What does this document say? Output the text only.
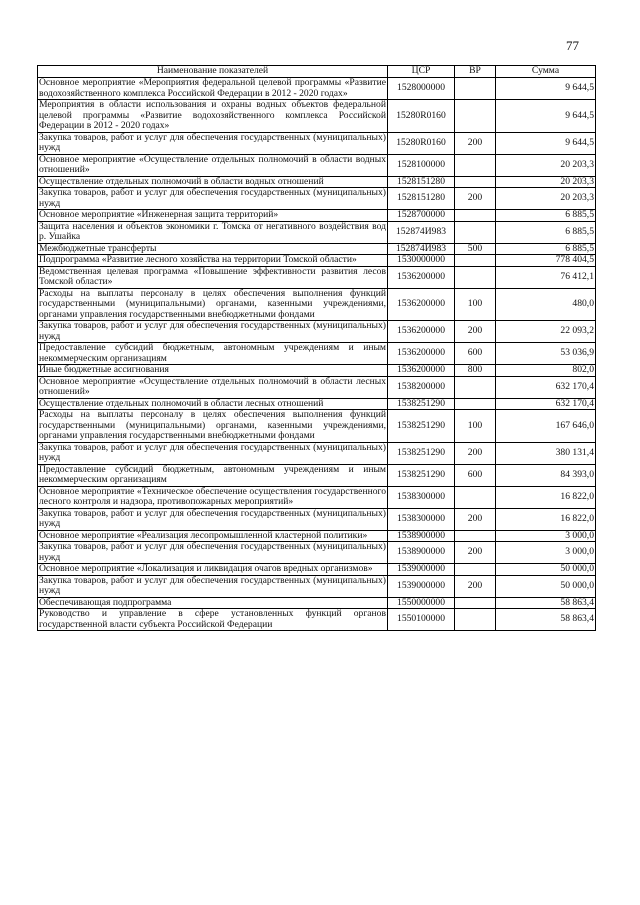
77
Наименование показателей	ЦСР	ВР	Сумма
Основное мероприятие «Мероприятия федеральной целевой программы «Развитие водохозяйственного комплекса Российской Федерации в 2012 - 2020 годах»	1528000000		9 644,5
Мероприятия в области использования и охраны водных объектов федеральной целевой программы «Развитие водохозяйственного комплекса Российской Федерации в 2012 - 2020 годах»	15280R0160		9 644,5
Закупка товаров, работ и услуг для обеспечения государственных (муниципальных) нужд	15280R0160	200	9 644,5
Основное мероприятие «Осуществление отдельных полномочий в области водных отношений»	1528100000		20 203,3
Осуществление отдельных полномочий в области водных отношений	1528151280		20 203,3
Закупка товаров, работ и услуг для обеспечения государственных (муниципальных) нужд	1528151280	200	20 203,3
Основное мероприятие «Инженерная защита территорий»	1528700000		6 885,5
Защита населения и объектов экономики г. Томска от негативного воздействия вод р. Ушайка	152874И983		6 885,5
Межбюджетные трансферты	152874И983	500	6 885,5
Подпрограмма «Развитие лесного хозяйства на территории Томской области»	1530000000		778 404,5
Ведомственная целевая программа «Повышение эффективности развития лесов Томской области»	1536200000		76 412,1
Расходы на выплаты персоналу в целях обеспечения выполнения функций государственными (муниципальными) органами, казенными учреждениями, органами управления государственными внебюджетными фондами	1536200000	100	480,0
Закупка товаров, работ и услуг для обеспечения государственных (муниципальных) нужд	1536200000	200	22 093,2
Предоставление субсидий бюджетным, автономным учреждениям и иным некоммерческим организациям	1536200000	600	53 036,9
Иные бюджетные ассигнования	1536200000	800	802,0
Основное мероприятие «Осуществление отдельных полномочий в области лесных отношений»	1538200000		632 170,4
Осуществление отдельных полномочий в области лесных отношений	1538251290		632 170,4
Расходы на выплаты персоналу в целях обеспечения выполнения функций государственными (муниципальными) органами, казенными учреждениями, органами управления государственными внебюджетными фондами	1538251290	100	167 646,0
Закупка товаров, работ и услуг для обеспечения государственных (муниципальных) нужд	1538251290	200	380 131,4
Предоставление субсидий бюджетным, автономным учреждениям и иным некоммерческим организациям	1538251290	600	84 393,0
Основное мероприятие «Техническое обеспечение осуществления государственного лесного контроля и надзора, противопожарных мероприятий»	1538300000		16 822,0
Закупка товаров, работ и услуг для обеспечения государственных (муниципальных) нужд	1538300000	200	16 822,0
Основное мероприятие «Реализация лесопромышленной кластерной политики»	1538900000		3 000,0
Закупка товаров, работ и услуг для обеспечения государственных (муниципальных) нужд	1538900000	200	3 000,0
Основное мероприятие «Локализация и ликвидация очагов вредных организмов»	1539000000		50 000,0
Закупка товаров, работ и услуг для обеспечения государственных (муниципальных) нужд	1539000000	200	50 000,0
Обеспечивающая подпрограмма	1550000000		58 863,4
Руководство и управление в сфере установленных функций органов государственной власти субъекта Российской Федерации	1550100000		58 863,4
